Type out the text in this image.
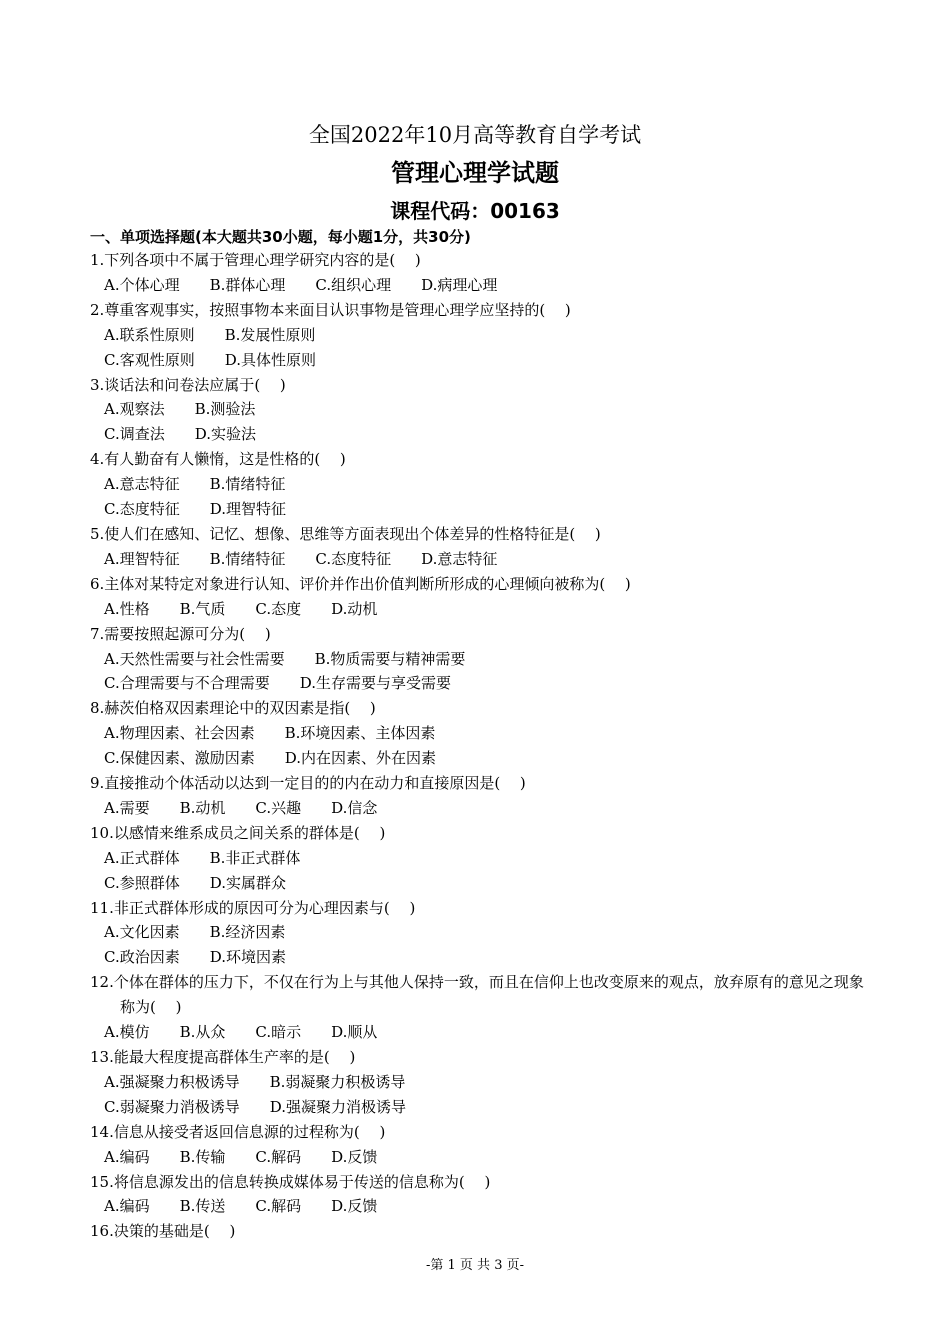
全国2022年10月高等教育自学考试
管理心理学试题
课程代码：00163
一、单项选择题(本大题共30小题，每小题1分，共30分)

1.下列各项中不属于管理心理学研究内容的是(　 )

A.个体心理 B.群体心理 C.组织心理 D.病理心理

2.尊重客观事实，按照事物本来面目认识事物是管理心理学应坚持的(　 )

A.联系性原则 B.发展性原则

C.客观性原则 D.具体性原则

3.谈话法和问卷法应属于(　 )

A.观察法 B.测验法

C.调查法 D.实验法

4.有人勤奋有人懒惰，这是性格的(　 )

A.意志特征 B.情绪特征

C.态度特征 D.理智特征

5.使人们在感知、记忆、想像、思维等方面表现出个体差异的性格特征是(　 )

A.理智特征 B.情绪特征 C.态度特征 D.意志特征

6.主体对某特定对象进行认知、评价并作出价值判断所形成的心理倾向被称为(　 )

A.性格 B.气质 C.态度 D.动机

7.需要按照起源可分为(　 )

A.天然性需要与社会性需要 B.物质需要与精神需要

C.合理需要与不合理需要 D.生存需要与享受需要

8.赫茨伯格双因素理论中的双因素是指(　 )

A.物理因素、社会因素 B.环境因素、主体因素

C.保健因素、激励因素 D.内在因素、外在因素

9.直接推动个体活动以达到一定目的的内在动力和直接原因是(　 )

A.需要 B.动机 C.兴趣 D.信念

10.以感情来维系成员之间关系的群体是(　 )

A.正式群体 B.非正式群体

C.参照群体 D.实属群众

11.非正式群体形成的原因可分为心理因素与(　 )

A.文化因素 B.经济因素

C.政治因素 D.环境因素

12.个体在群体的压力下，不仅在行为上与其他人保持一致，而且在信仰上也改变原来的观点，放弃原有的意见之现象称为(　 )

A.模仿 B.从众 C.暗示 D.顺从

13.能最大程度提高群体生产率的是(　 )

A.强凝聚力积极诱导 B.弱凝聚力积极诱导

C.弱凝聚力消极诱导 D.强凝聚力消极诱导

14.信息从接受者返回信息源的过程称为(　 )

A.编码 B.传输 C.解码 D.反馈

15.将信息源发出的信息转换成媒体易于传送的信息称为(　 )

A.编码 B.传送 C.解码 D.反馈

16.决策的基础是(　 )

-第 1 页 共 3 页-
